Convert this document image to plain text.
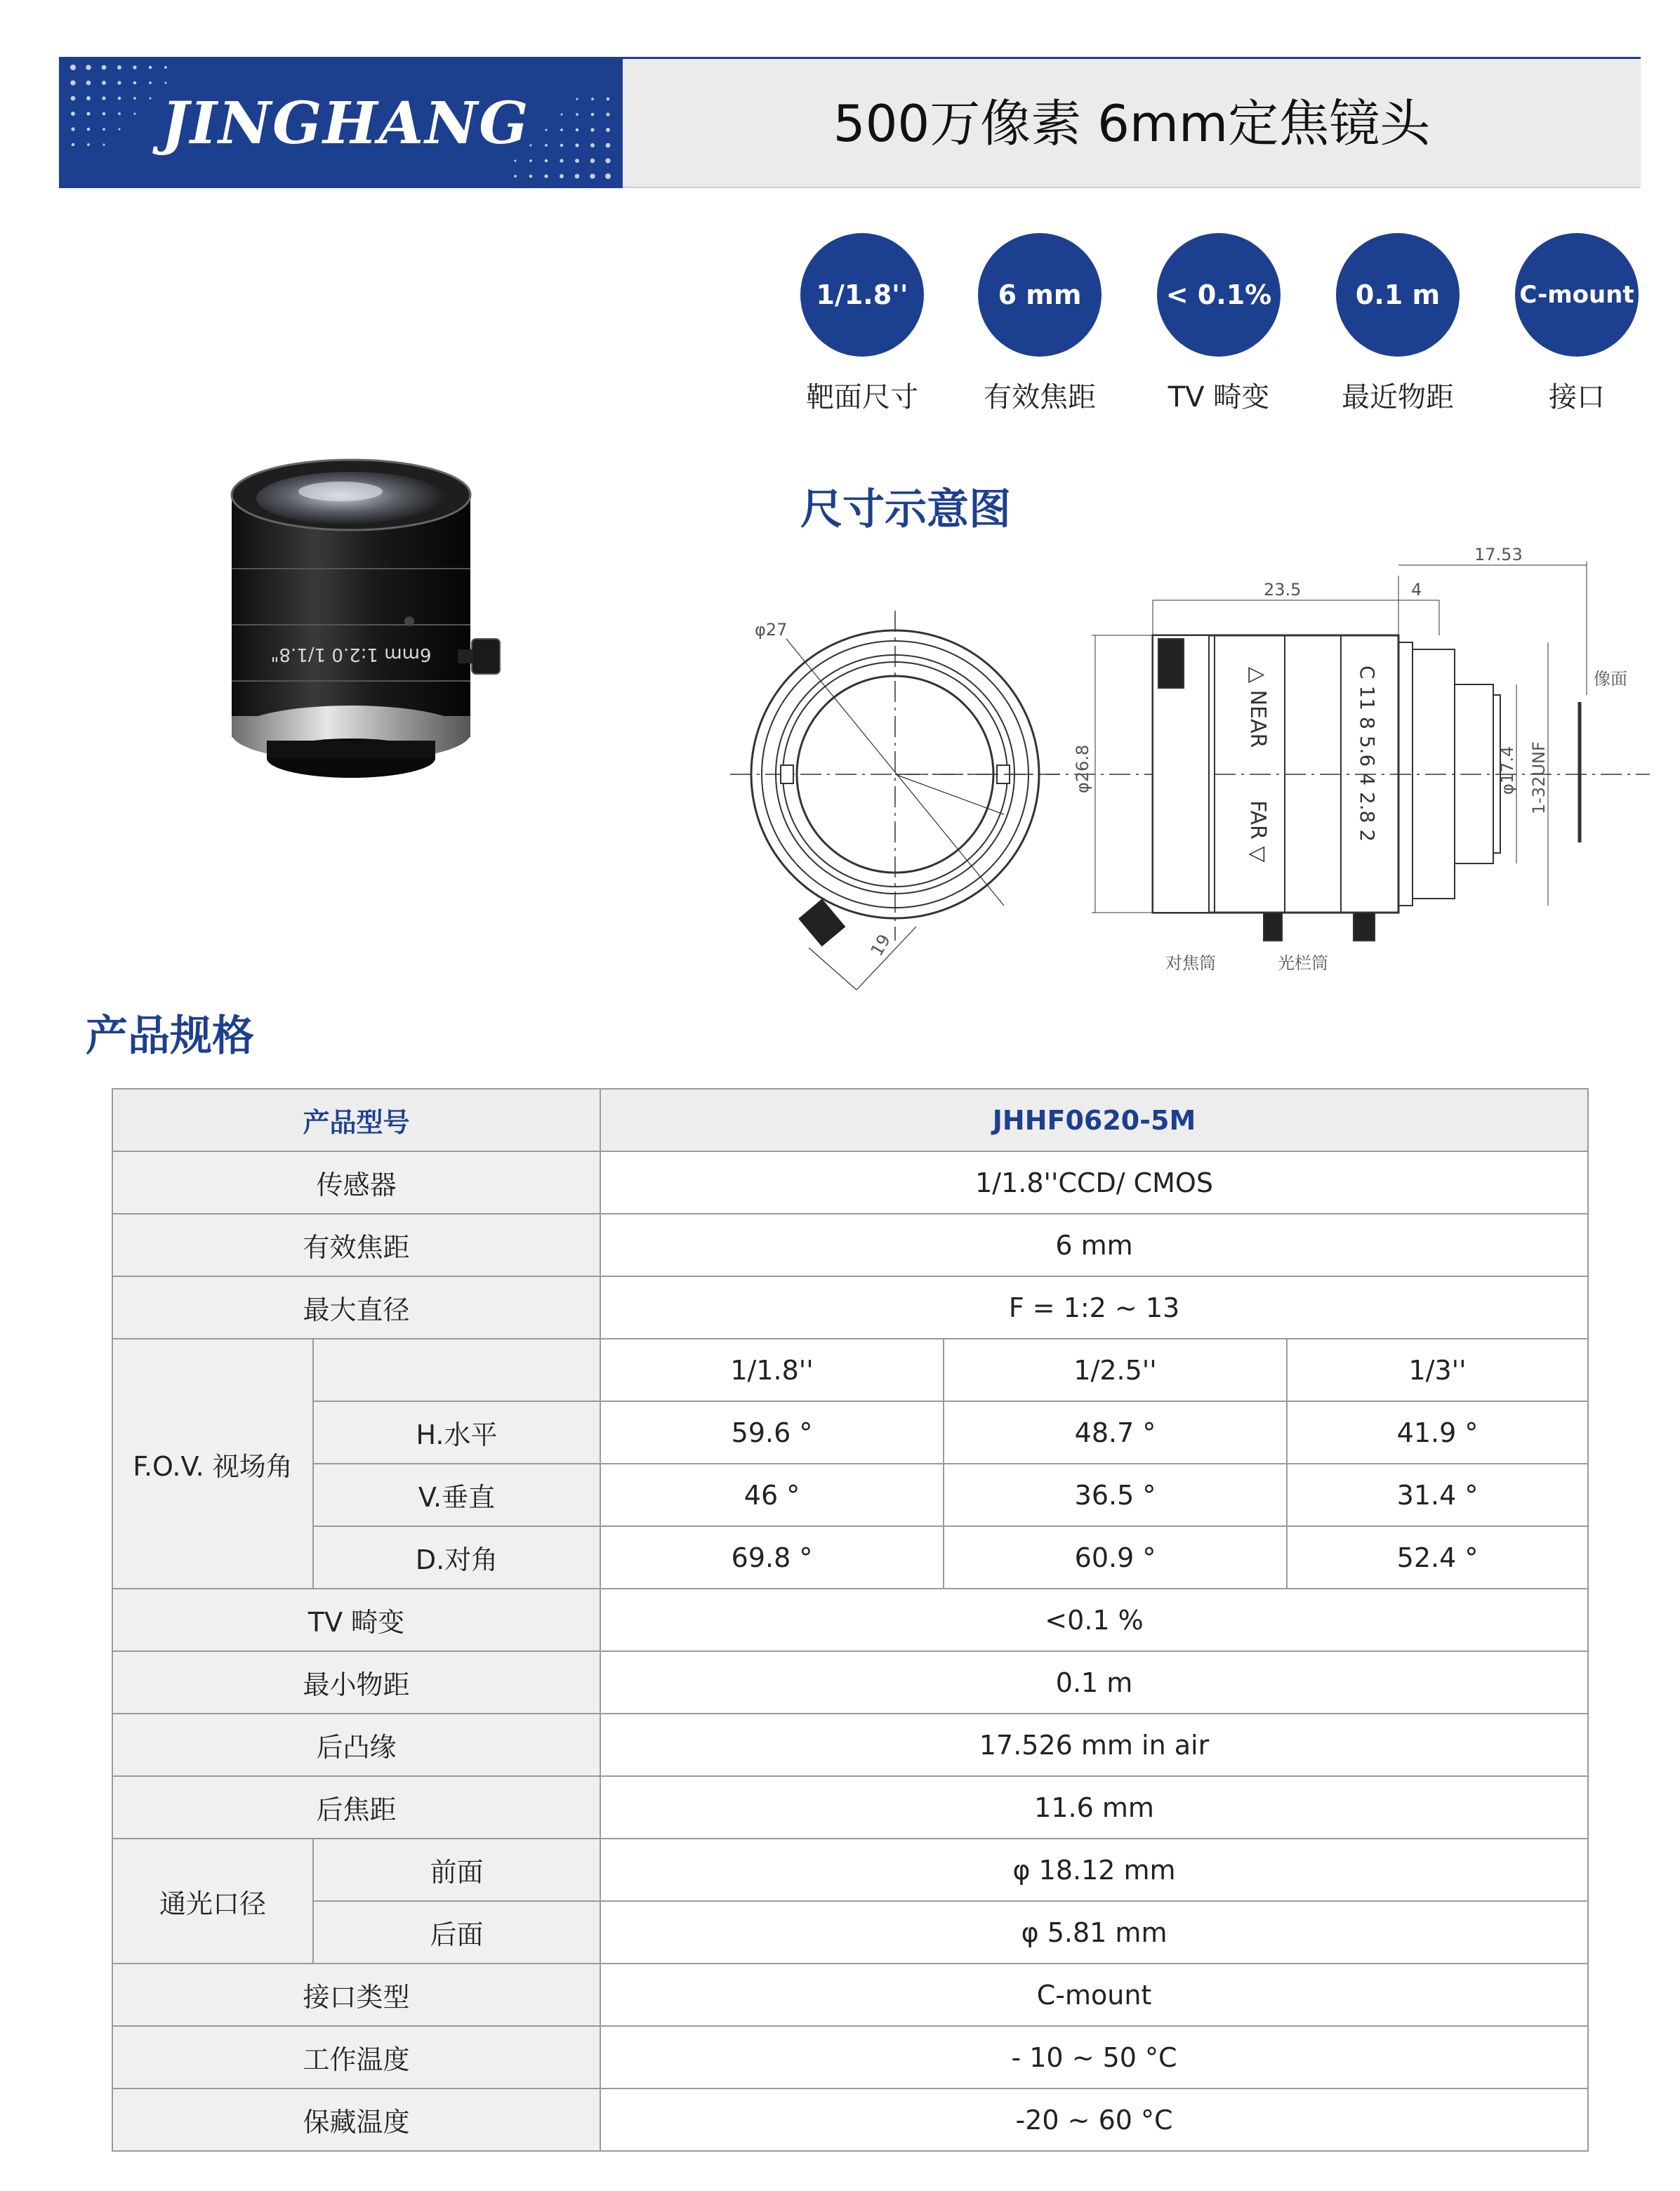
JINGHANG	500万像素 6mm定焦镜头
1/1.8''
靶面尺寸
6 mm
有效焦距
< 0.1%
TV 畸变
0.1 m
最近物距
C-mount
接口
6mm 1:2.0 1/1.8"
尺寸示意图
φ27
19
23.5	4
17.53
φ26.8	φ17.4 1-32UNF
像面
对焦筒	光栏筒
△ NEAR
FAR ▽	C 11 8 5.6 4 2.8 2
产品规格
产品型号		JHHF0620-5M		
传感器		1/1.8''CCD/ CMOS		
有效焦距		6 mm		
最大直径		F = 1:2 ~ 13		
F.O.V. 视场角		1/1.8''	1/2.5''	1/3''
	H.水平	59.6 °	48.7 °	41.9 °
	V.垂直	46 °	36.5 °	31.4 °
	D.对角	69.8 °	60.9 °	52.4 °
TV 畸变		<0.1 %		
最小物距		0.1 m		
后凸缘		17.526 mm in air		
后焦距		11.6 mm		
通光口径	前面	φ 18.12 mm		
	后面	φ 5.81 mm		
接口类型		C-mount		
工作温度		- 10 ~ 50 °C		
保藏温度		-20 ~ 60 °C		
